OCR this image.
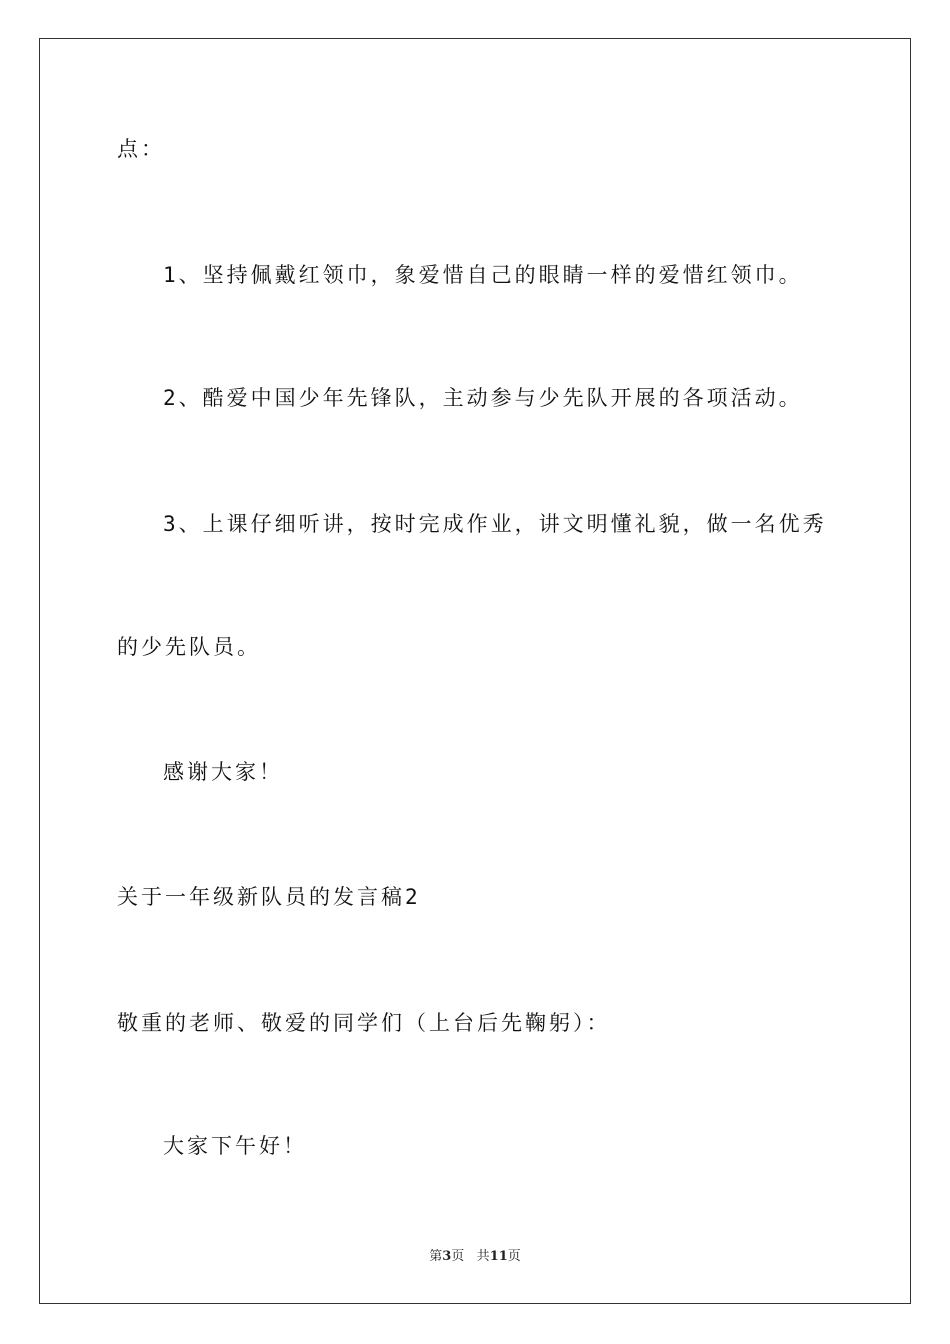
点：
1、坚持佩戴红领巾，象爱惜自己的眼睛一样的爱惜红领巾。
2、酷爱中国少年先锋队，主动参与少先队开展的各项活动。
3、上课仔细听讲，按时完成作业，讲文明懂礼貌，做一名优秀
的少先队员。
感谢大家！
关于一年级新队员的发言稿2
敬重的老师、敬爱的同学们（上台后先鞠躬）：
大家下午好！
第3页 共11页
